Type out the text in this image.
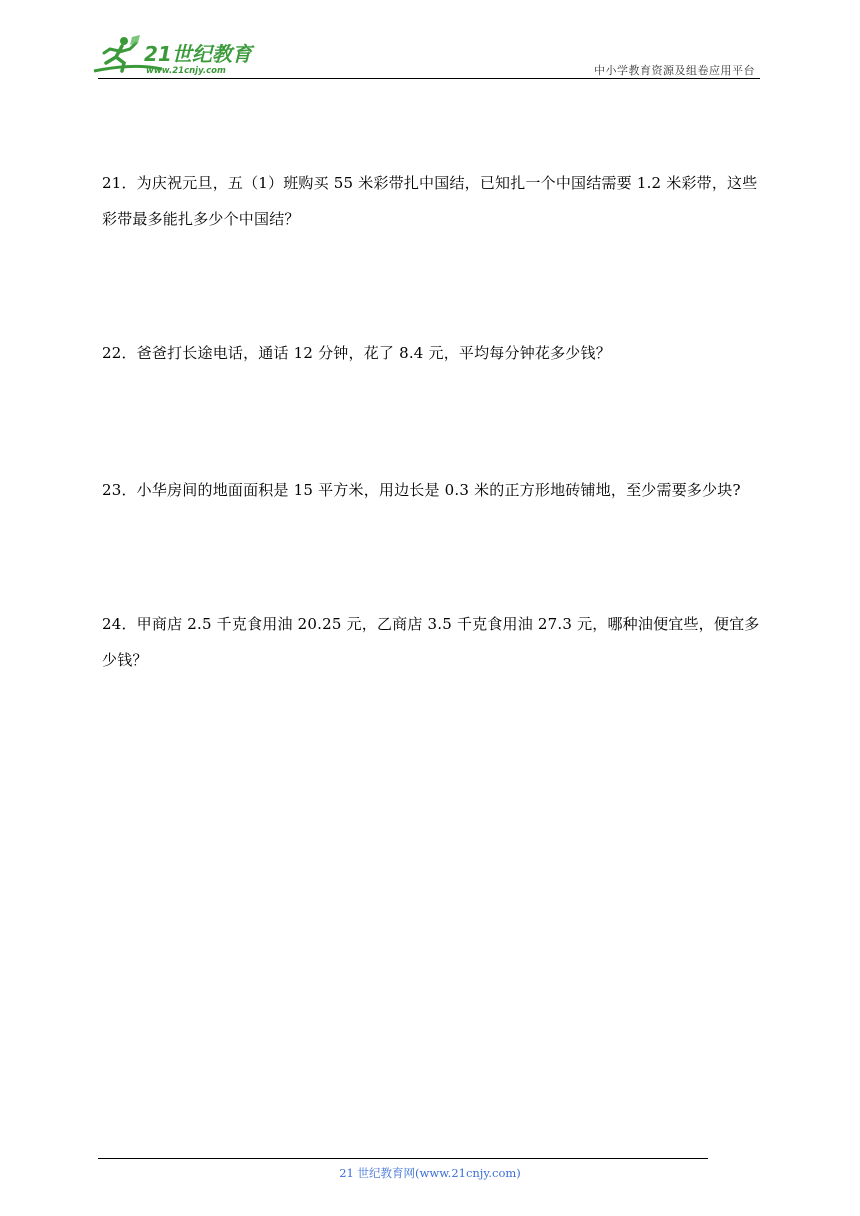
21世纪教育
www.21cnjy.com	中小学教育资源及组卷应用平台
21．为庆祝元旦，五（1）班购买 55 米彩带扎中国结，已知扎一个中国结需要 1.2 米彩带，这些彩带最多能扎多少个中国结？
22．爸爸打长途电话，通话 12 分钟，花了 8.4 元，平均每分钟花多少钱？
23．小华房间的地面面积是 15 平方米，用边长是 0.3 米的正方形地砖铺地，至少需要多少块?
24．甲商店 2.5 千克食用油 20.25 元，乙商店 3.5 千克食用油 27.3 元，哪种油便宜些，便宜多少钱？
21 世纪教育网(www.21cnjy.com)
